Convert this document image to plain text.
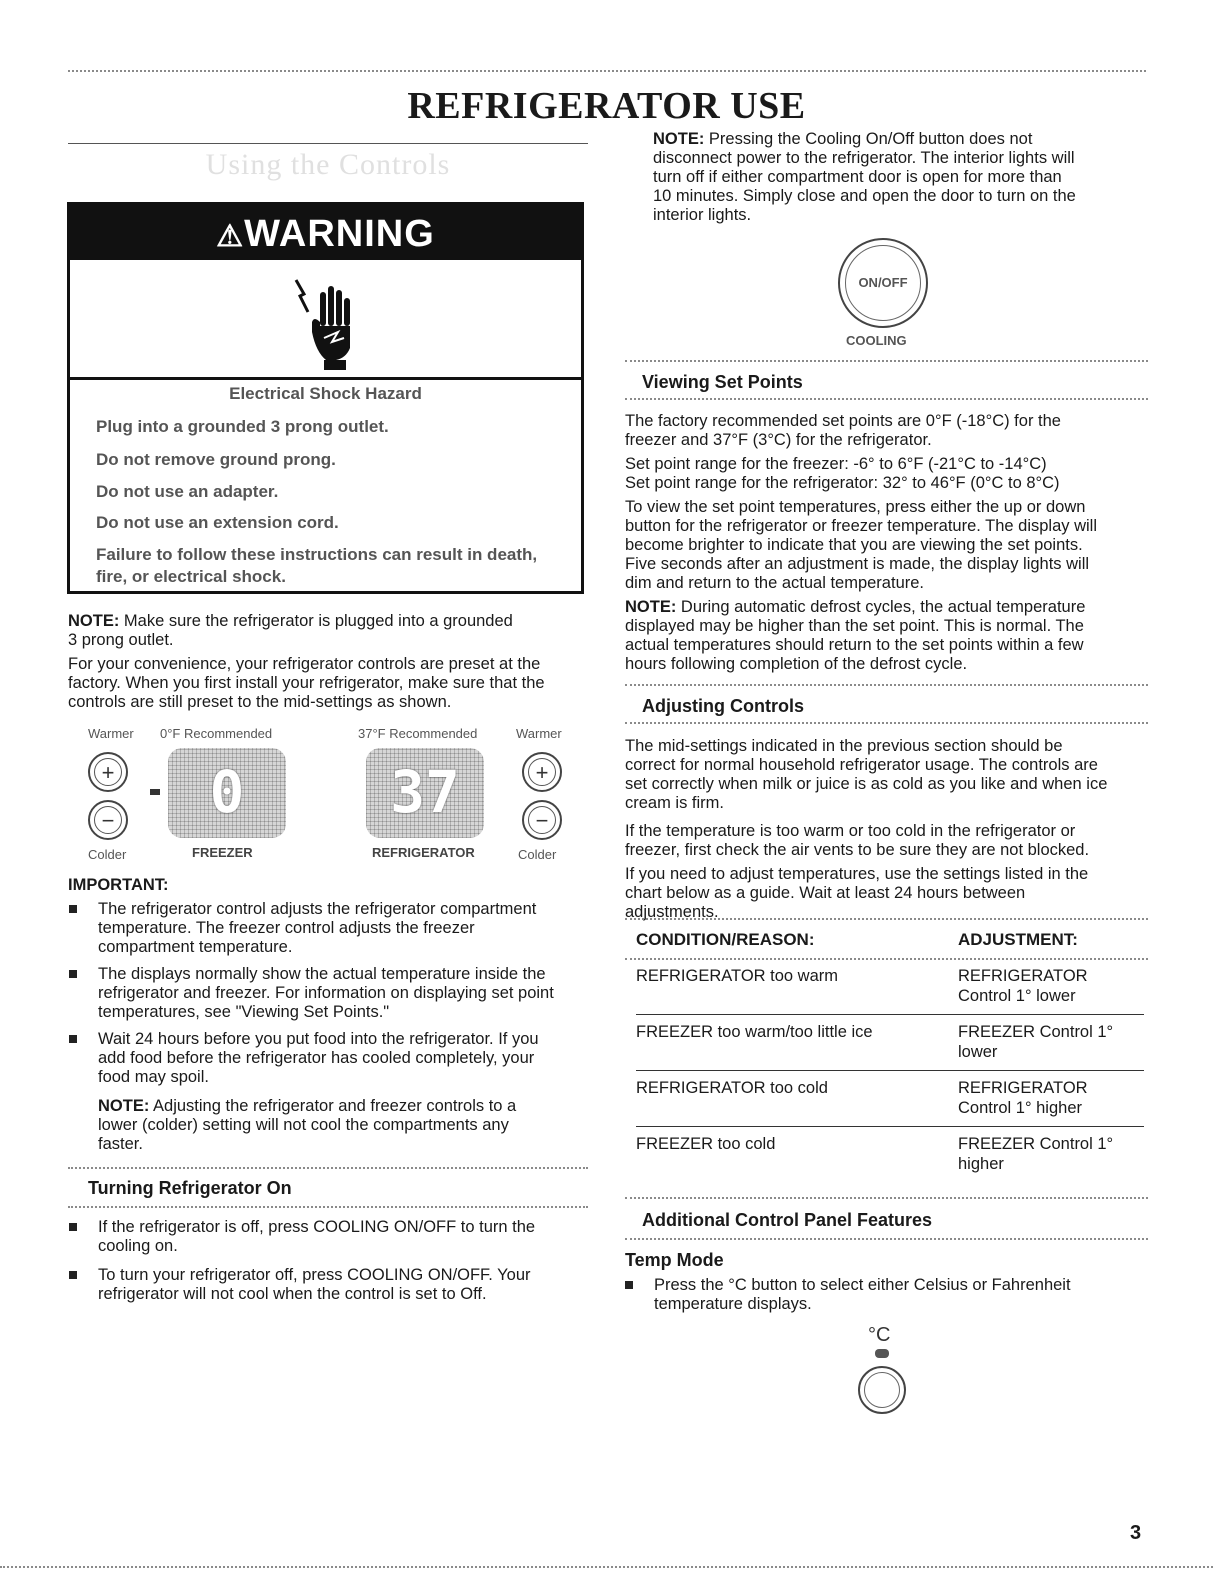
REFRIGERATOR USE
Using the Controls
⚠WARNING
Electrical Shock Hazard
Plug into a grounded 3 prong outlet.
Do not remove ground prong.
Do not use an adapter.
Do not use an extension cord.
Failure to follow these instructions can result in death,
fire, or electrical shock.
NOTE: Make sure the refrigerator is plugged into a grounded
3 prong outlet.
For your convenience, your refrigerator controls are preset at the
factory. When you first install your refrigerator, make sure that the
controls are still preset to the mid-settings as shown.
Warmer 0°F Recommended	37°F Recommended	Warmer
+
−	0	37	+
−
Colder	FREEZER	REFRIGERATOR	Colder
IMPORTANT:
The refrigerator control adjusts the refrigerator compartment
temperature. The freezer control adjusts the freezer
compartment temperature.
The displays normally show the actual temperature inside the
refrigerator and freezer. For information on displaying set point
temperatures, see "Viewing Set Points."
Wait 24 hours before you put food into the refrigerator. If you
add food before the refrigerator has cooled completely, your
food may spoil.
NOTE: Adjusting the refrigerator and freezer controls to a
lower (colder) setting will not cool the compartments any
faster.
Turning Refrigerator On
If the refrigerator is off, press COOLING ON/OFF to turn the
cooling on.
To turn your refrigerator off, press COOLING ON/OFF. Your
refrigerator will not cool when the control is set to Off.
NOTE: Pressing the Cooling On/Off button does not
disconnect power to the refrigerator. The interior lights will
turn off if either compartment door is open for more than
10 minutes. Simply close and open the door to turn on the
interior lights.
ON/OFF
COOLING
Viewing Set Points
The factory recommended set points are 0°F (-18°C) for the
freezer and 37°F (3°C) for the refrigerator.
Set point range for the freezer: -6° to 6°F (-21°C to -14°C)
Set point range for the refrigerator: 32° to 46°F (0°C to 8°C)
To view the set point temperatures, press either the up or down
button for the refrigerator or freezer temperature. The display will
become brighter to indicate that you are viewing the set points.
Five seconds after an adjustment is made, the display lights will
dim and return to the actual temperature.
NOTE: During automatic defrost cycles, the actual temperature
displayed may be higher than the set point. This is normal. The
actual temperatures should return to the set points within a few
hours following completion of the defrost cycle.
Adjusting Controls
The mid-settings indicated in the previous section should be
correct for normal household refrigerator usage. The controls are
set correctly when milk or juice is as cold as you like and when ice
cream is firm.
If the temperature is too warm or too cold in the refrigerator or
freezer, first check the air vents to be sure they are not blocked.
If you need to adjust temperatures, use the settings listed in the
chart below as a guide. Wait at least 24 hours between
adjustments.
CONDITION/REASON:	ADJUSTMENT:
REFRIGERATOR too warm	REFRIGERATOR
Control 1° lower
FREEZER too warm/too little ice	FREEZER Control 1°
lower
REFRIGERATOR too cold	REFRIGERATOR
Control 1° higher
FREEZER too cold	FREEZER Control 1°
higher
Additional Control Panel Features
Temp Mode
Press the °C button to select either Celsius or Fahrenheit
temperature displays.
°C
3
